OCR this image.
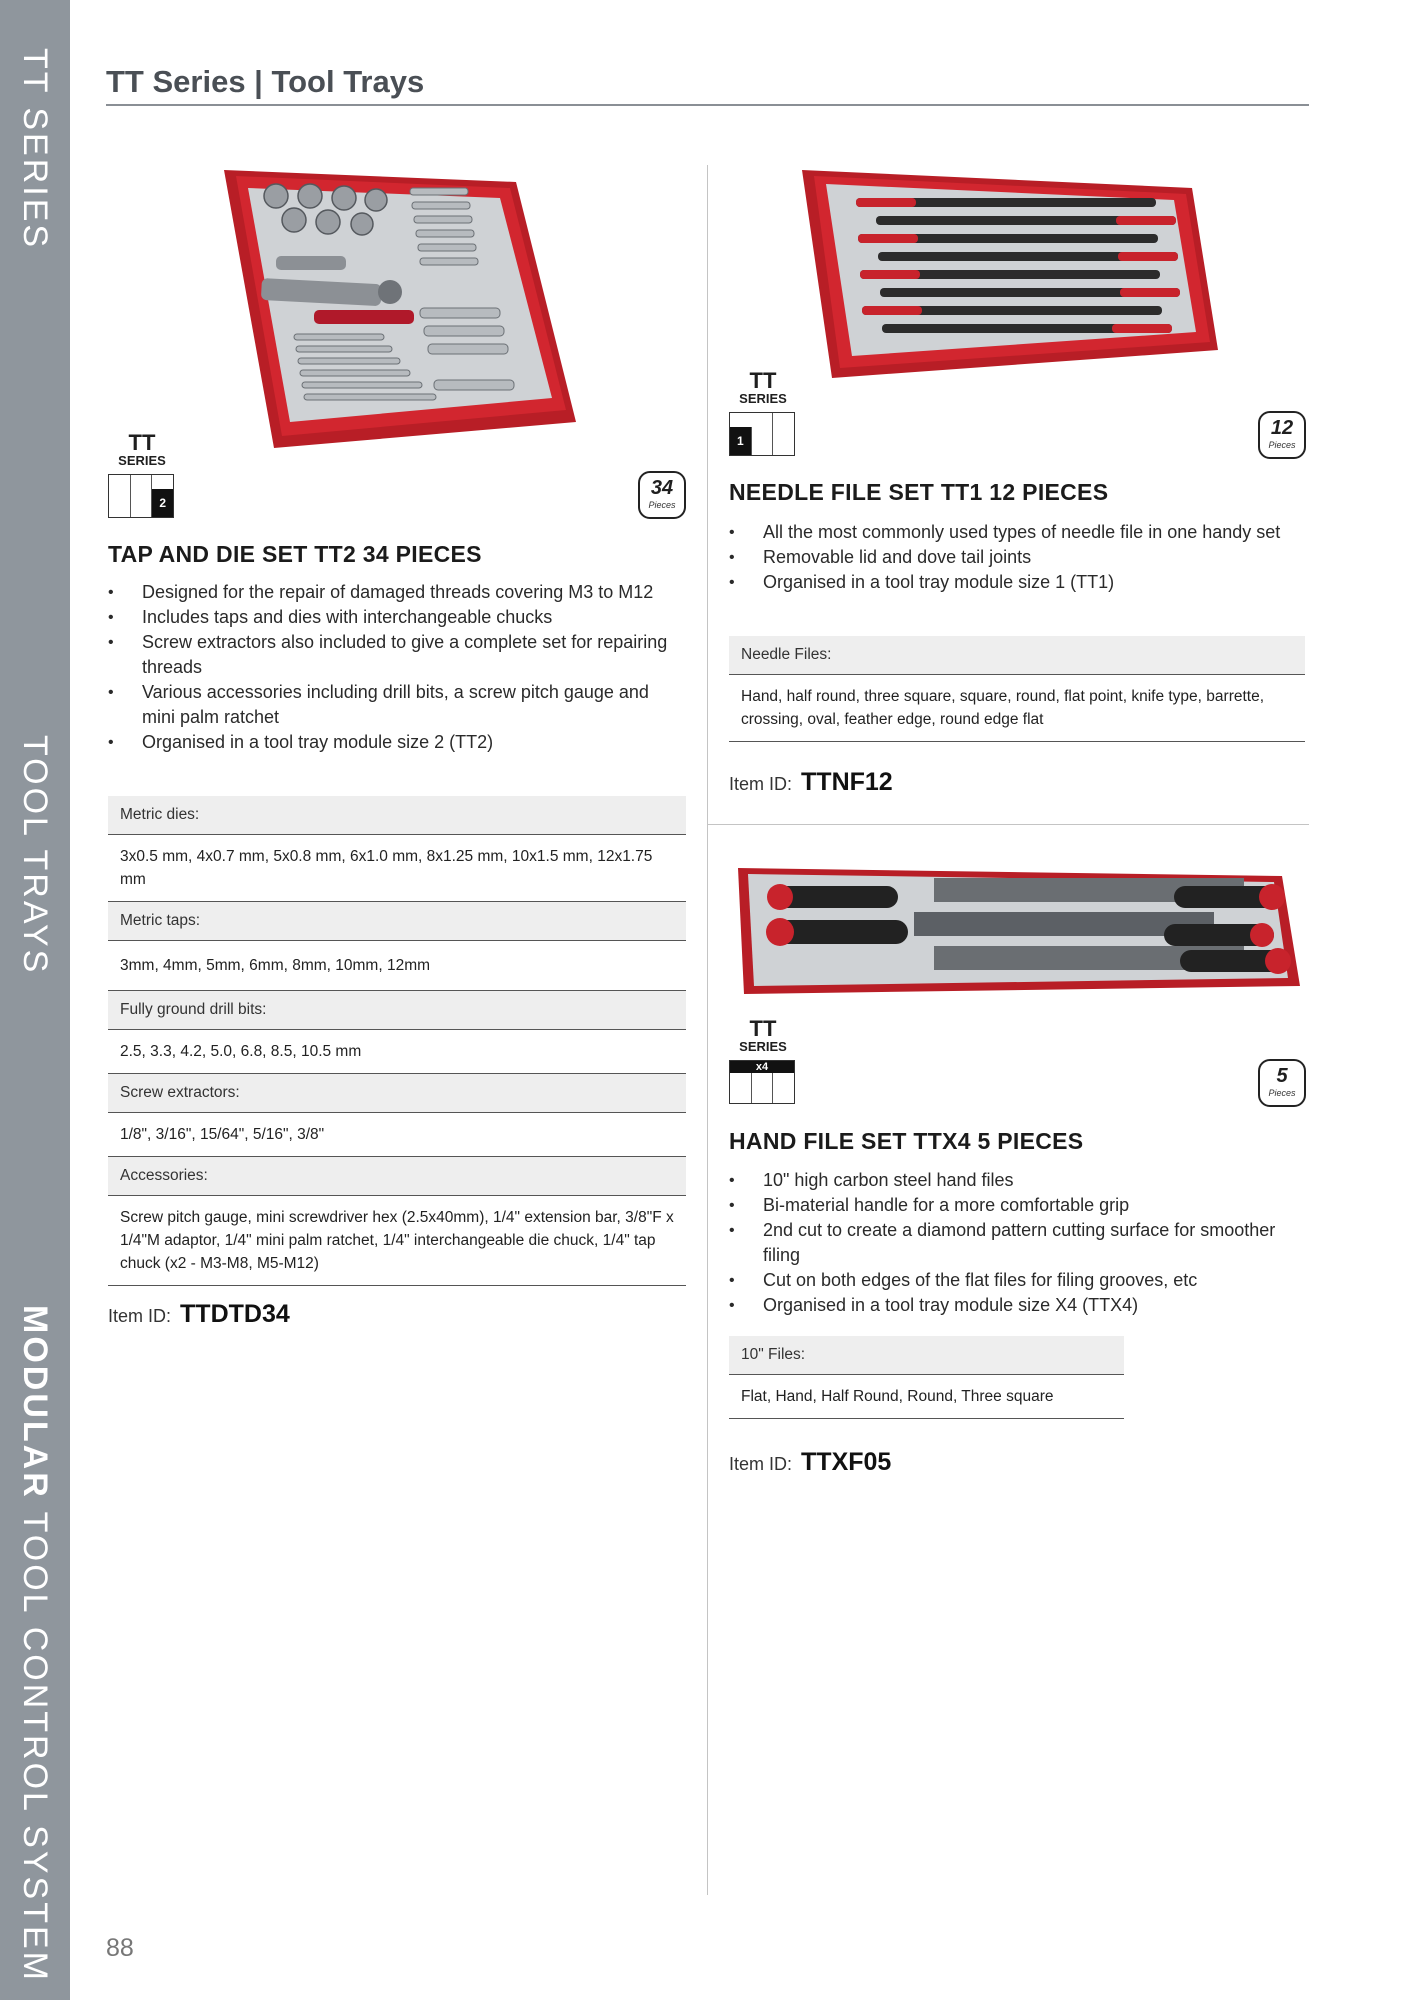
TT SERIES
TOOL TRAYS
MODULAR TOOL CONTROL SYSTEM
TT Series | Tool Trays
TT
SERIES
2
34
Pieces
TAP AND DIE SET TT2 34 PIECES
• Designed for the repair of damaged threads covering M3 to M12
• Includes taps and dies with interchangeable chucks
• Screw extractors also included to give a complete set for repairing threads
• Various accessories including drill bits, a screw pitch gauge and mini palm ratchet
• Organised in a tool tray module size 2 (TT2)
Metric dies:
3x0.5 mm, 4x0.7 mm, 5x0.8 mm, 6x1.0 mm, 8x1.25 mm, 10x1.5 mm, 12x1.75 mm
Metric taps:
3mm, 4mm, 5mm, 6mm, 8mm, 10mm, 12mm
Fully ground drill bits:
2.5, 3.3, 4.2, 5.0, 6.8, 8.5, 10.5 mm
Screw extractors:
1/8", 3/16", 15/64", 5/16", 3/8"
Accessories:
Screw pitch gauge, mini screwdriver hex (2.5x40mm), 1/4" extension bar, 3/8"F x 1/4"M adaptor, 1/4" mini palm ratchet, 1/4" interchangeable die chuck, 1/4" tap chuck (x2 - M3-M8, M5-M12)
Item ID: TTDTD34
TT
SERIES
1
12
Pieces
NEEDLE FILE SET TT1 12 PIECES
• All the most commonly used types of needle file in one handy set
• Removable lid and dove tail joints
• Organised in a tool tray module size 1 (TT1)
Needle Files:
Hand, half round, three square, square, round, flat point, knife type, barrette, crossing, oval, feather edge, round edge flat
Item ID: TTNF12
TT
SERIES
x4	5
Pieces
HAND FILE SET TTX4 5 PIECES
• 10" high carbon steel hand files
• Bi-material handle for a more comfortable grip
• 2nd cut to create a diamond pattern cutting surface for smoother filing
• Cut on both edges of the flat files for filing grooves, etc
• Organised in a tool tray module size X4 (TTX4)
10" Files:
Flat, Hand, Half Round, Round, Three square
Item ID: TTXF05
88
